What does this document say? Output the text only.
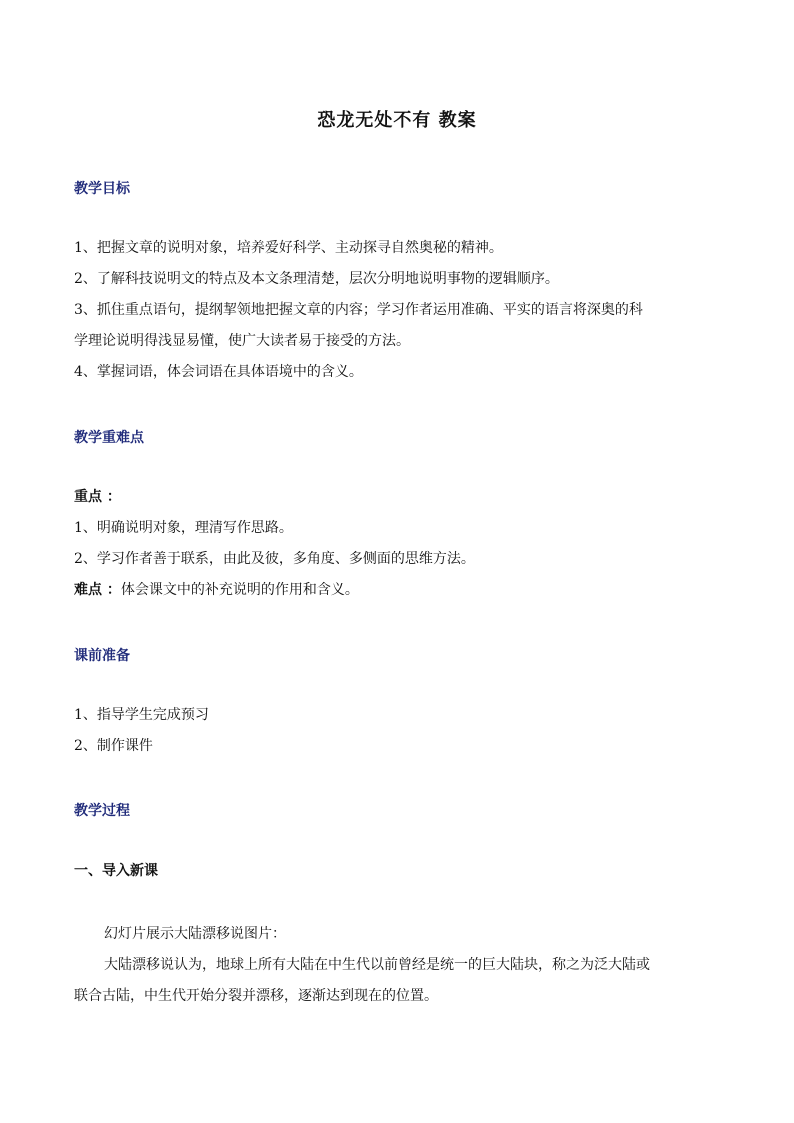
恐龙无处不有 教案
教学目标
1、把握文章的说明对象，培养爱好科学、主动探寻自然奥秘的精神。
2、了解科技说明文的特点及本文条理清楚，层次分明地说明事物的逻辑顺序。
3、抓住重点语句，提纲挈领地把握文章的内容；学习作者运用准确、平实的语言将深奥的科
学理论说明得浅显易懂，使广大读者易于接受的方法。
4、掌握词语，体会词语在具体语境中的含义。
教学重难点
重点 ：
1、明确说明对象，理清写作思路。
2、学习作者善于联系，由此及彼，多角度、多侧面的思维方法。
难点 ：体会课文中的补充说明的作用和含义。
课前准备
1、指导学生完成预习
2、制作课件
教学过程
一、导入新课
幻灯片展示大陆漂移说图片：
大陆漂移说认为，地球上所有大陆在中生代以前曾经是统一的巨大陆块，称之为泛大陆或
联合古陆，中生代开始分裂并漂移，逐渐达到现在的位置。
